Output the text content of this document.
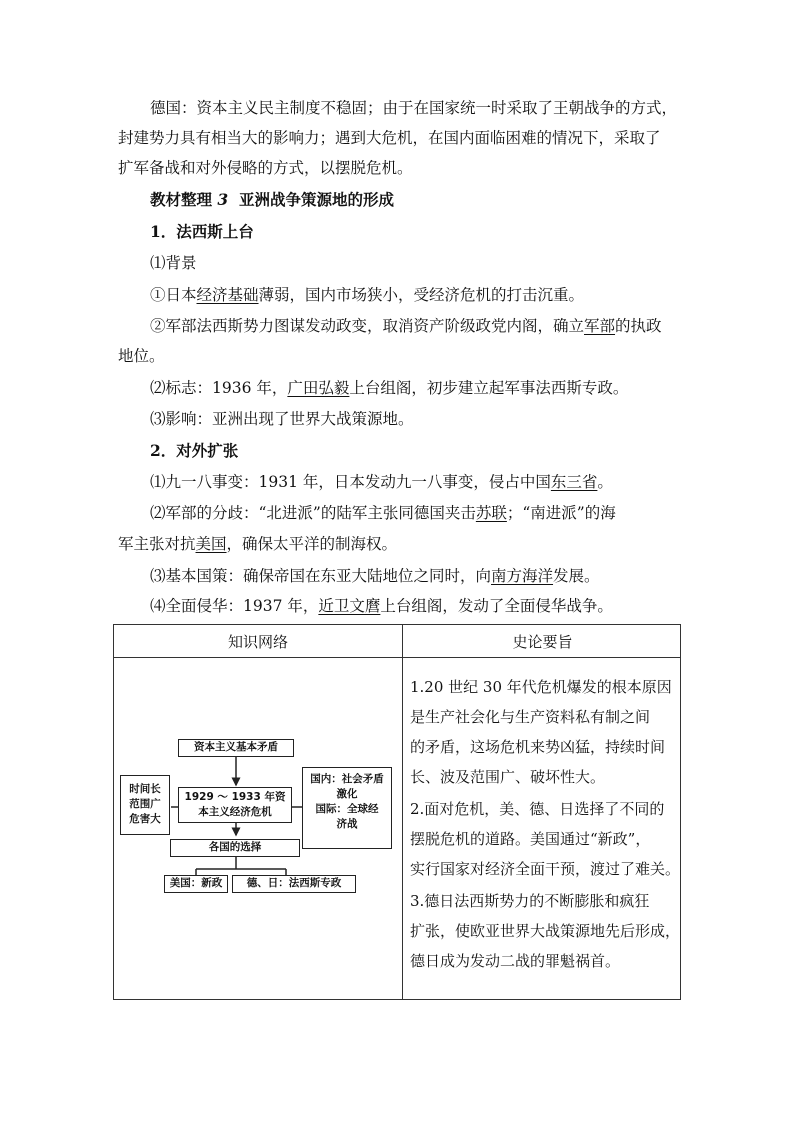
德国：资本主义民主制度不稳固；由于在国家统一时采取了王朝战争的方式，
封建势力具有相当大的影响力；遇到大危机，在国内面临困难的情况下，采取了
扩军备战和对外侵略的方式，以摆脱危机。
教材整理 3 亚洲战争策源地的形成
1．法西斯上台
⑴背景
①日本经济基础薄弱，国内市场狭小，受经济危机的打击沉重。
②军部法西斯势力图谋发动政变，取消资产阶级政党内阁，确立军部的执政
地位。
⑵标志：1936 年，广田弘毅上台组阁，初步建立起军事法西斯专政。
⑶影响：亚洲出现了世界大战策源地。
2．对外扩张
⑴九一八事变：1931 年，日本发动九一八事变，侵占中国东三省。
⑵军部的分歧：“北进派”的陆军主张同德国夹击苏联；“南进派”的海
军主张对抗美国，确保太平洋的制海权。
⑶基本国策：确保帝国在东亚大陆地位之同时，向南方海洋发展。
⑷全面侵华：1937 年，近卫文麿上台组阁，发动了全面侵华战争。
知识网络	史论要旨
1.20 世纪 30 年代危机爆发的根本原因
是生产社会化与生产资料私有制之间
的矛盾，这场危机来势凶猛，持续时间
长、波及范围广、破坏性大。
2.面对危机，美、德、日选择了不同的
摆脱危机的道路。美国通过“新政”，
实行国家对经济全面干预，渡过了难关。
3.德日法西斯势力的不断膨胀和疯狂
扩张，使欧亚世界大战策源地先后形成，
德日成为发动二战的罪魁祸首。
资本主义基本矛盾
时间长
范围广
危害大
1929 ～ 1933 年资
本主义经济危机
国内：社会矛盾
激化
国际：全球经
济战
各国的选择
美国：新政	德、日：法西斯专政
